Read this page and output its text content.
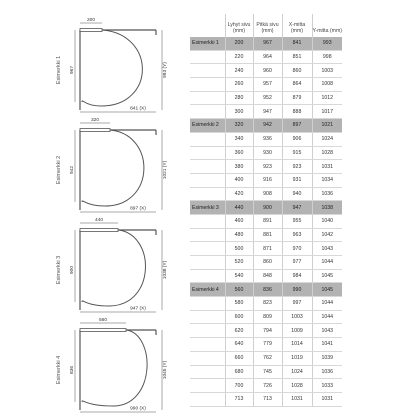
Esimerkki 1
200
967	993 (Y)
841 (X)
Esimerkki 2
320
942	1021 (Y)
897 (X)
Esimerkki 3
440
900	1038 (Y)
947 (X)
Esimerkki 4
560
836	1045 (Y)
990 (X)
	Lyhyt sivu (mm)	Pitkä sivu (mm)	X-mitta (mm)	Y-mitta (mm)
Esimerkki 1	200	967	841	993
	220	964	851	998
	240	960	860	1003
	260	957	864	1008
	280	952	879	1012
	300	947	888	1017
Esimerkki 2	320	942	897	1021
	340	936	906	1024
	360	930	915	1028
	380	923	923	1031
	400	916	931	1034
	420	908	940	1036
Esimerkki 3	440	900	947	1038
	460	891	955	1040
	480	881	963	1042
	500	871	970	1043
	520	860	977	1044
	540	848	984	1045
Esimerkki 4	560	836	990	1045
	580	823	997	1044
	600	809	1003	1044
	620	794	1009	1043
	640	779	1014	1041
	660	762	1019	1039
	680	745	1024	1036
	700	726	1028	1033
	713	713	1031	1031
